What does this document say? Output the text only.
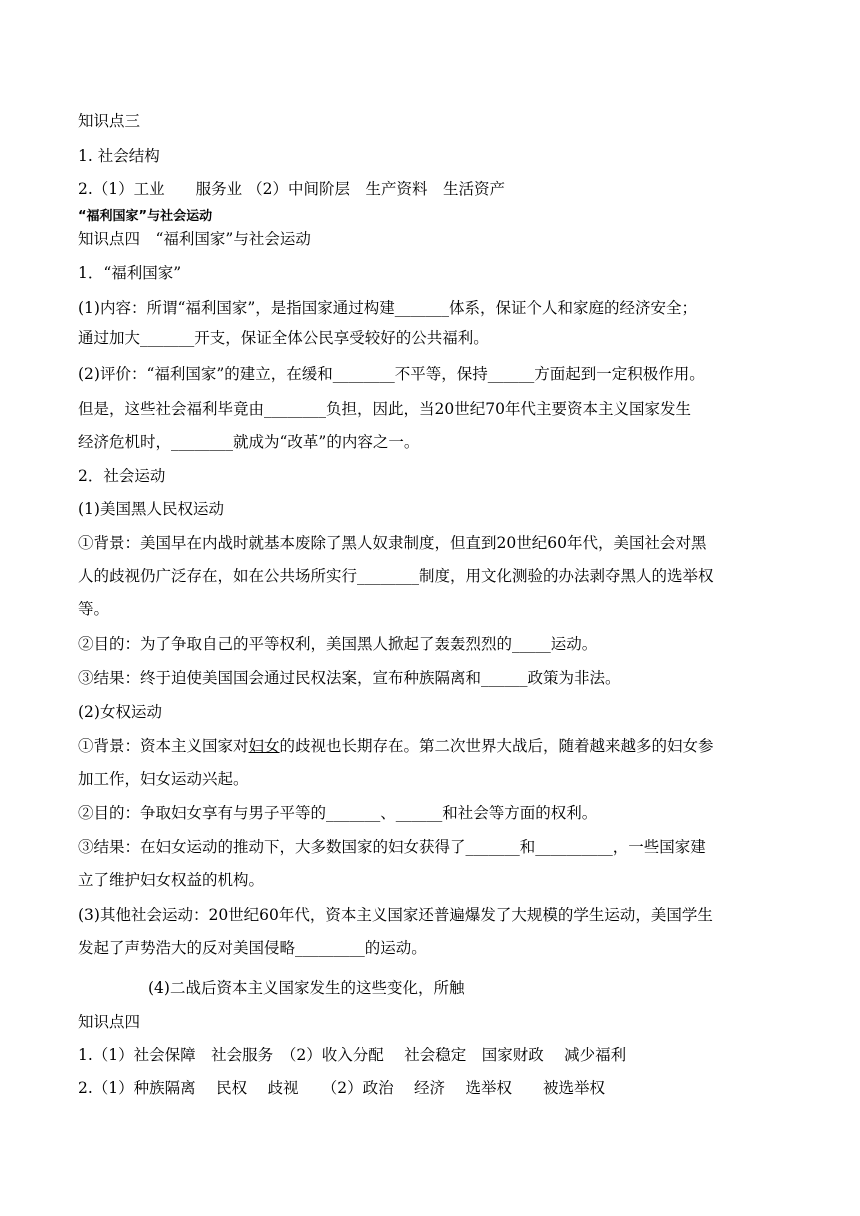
知识点三
1. 社会结构
2.（1）工业　　服务业 （2）中间阶层　生产资料　生活资产
“福利国家”与社会运动
知识点四　“福利国家”与社会运动
1．“福利国家”
(1)内容：所谓“福利国家”，是指国家通过构建_______体系，保证个人和家庭的经济安全；
通过加大_______开支，保证全体公民享受较好的公共福利。
(2)评价：“福利国家”的建立，在缓和________不平等，保持______方面起到一定积极作用。
但是，这些社会福利毕竟由________负担，因此，当20世纪70年代主要资本主义国家发生
经济危机时，________就成为“改革”的内容之一。
2．社会运动
(1)美国黑人民权运动
①背景：美国早在内战时就基本废除了黑人奴隶制度，但直到20世纪60年代，美国社会对黑
人的歧视仍广泛存在，如在公共场所实行________制度，用文化测验的办法剥夺黑人的选举权
等。
②目的：为了争取自己的平等权利，美国黑人掀起了轰轰烈烈的_____运动。
③结果：终于迫使美国国会通过民权法案，宣布种族隔离和______政策为非法。
(2)女权运动
①背景：资本主义国家对妇女的歧视也长期存在。第二次世界大战后，随着越来越多的妇女参
加工作，妇女运动兴起。
②目的：争取妇女享有与男子平等的_______、______和社会等方面的权利。
③结果：在妇女运动的推动下，大多数国家的妇女获得了_______和__________，一些国家建
立了维护妇女权益的机构。
(3)其他社会运动：20世纪60年代，资本主义国家还普遍爆发了大规模的学生运动，美国学生
发起了声势浩大的反对美国侵略_________的运动。
(4)二战后资本主义国家发生的这些变化，所触
知识点四
1.（1）社会保障　社会服务　（2）收入分配　 社会稳定　国家财政　 减少福利
2.（1）种族隔离　 民权　 歧视　　（2）政治　 经济　 选举权　　被选举权
